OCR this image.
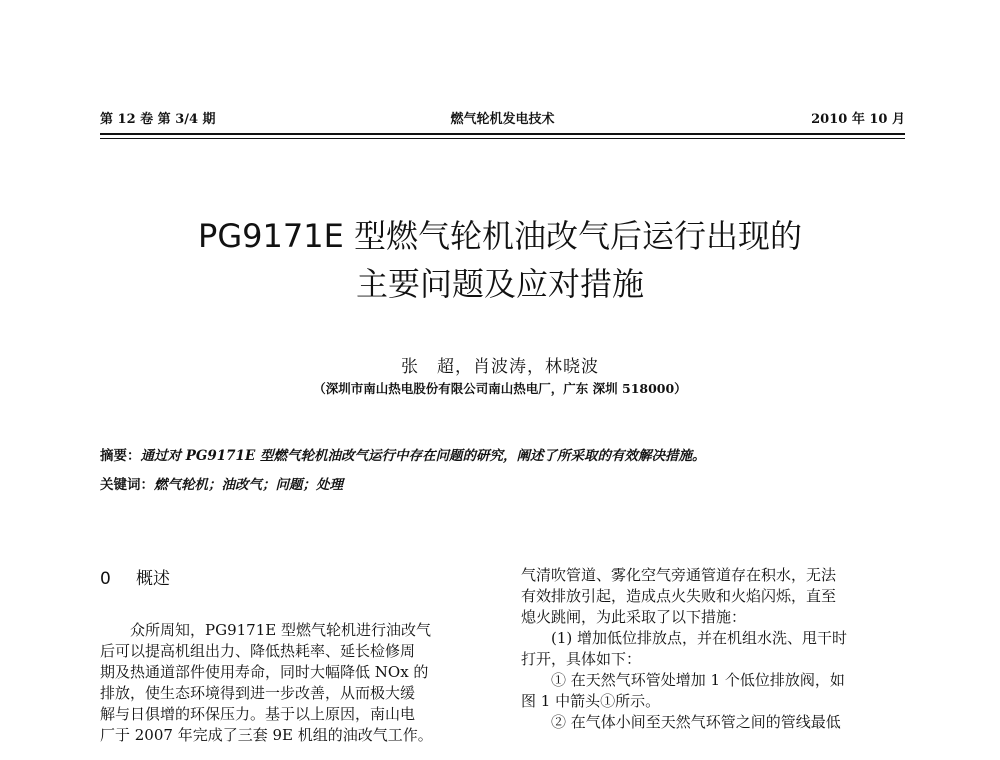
第 12 卷 第 3/4 期	燃气轮机发电技术	2010 年 10 月
PG9171E 型燃气轮机油改气后运行出现的
主要问题及应对措施
张　超，肖波涛，林晓波
（深圳市南山热电股份有限公司南山热电厂，广东 深圳 518000）
摘要：通过对 PG9171E 型燃气轮机油改气运行中存在问题的研究，阐述了所采取的有效解决措施。
关键词：燃气轮机；油改气；问题；处理
0 概述
众所周知，PG9171E 型燃气轮机进行油改气
后可以提高机组出力、降低热耗率、延长检修周
期及热通道部件使用寿命，同时大幅降低 NOx 的
排放，使生态环境得到进一步改善，从而极大缓
解与日俱增的环保压力。基于以上原因，南山电
厂于 2007 年完成了三套 9E 机组的油改气工作。
气清吹管道、雾化空气旁通管道存在积水，无法
有效排放引起，造成点火失败和火焰闪烁，直至
熄火跳闸，为此采取了以下措施：
(1) 增加低位排放点，并在机组水洗、甩干时
打开，具体如下：
① 在天然气环管处增加 1 个低位排放阀，如
图 1 中箭头①所示。
② 在气体小间至天然气环管之间的管线最低
